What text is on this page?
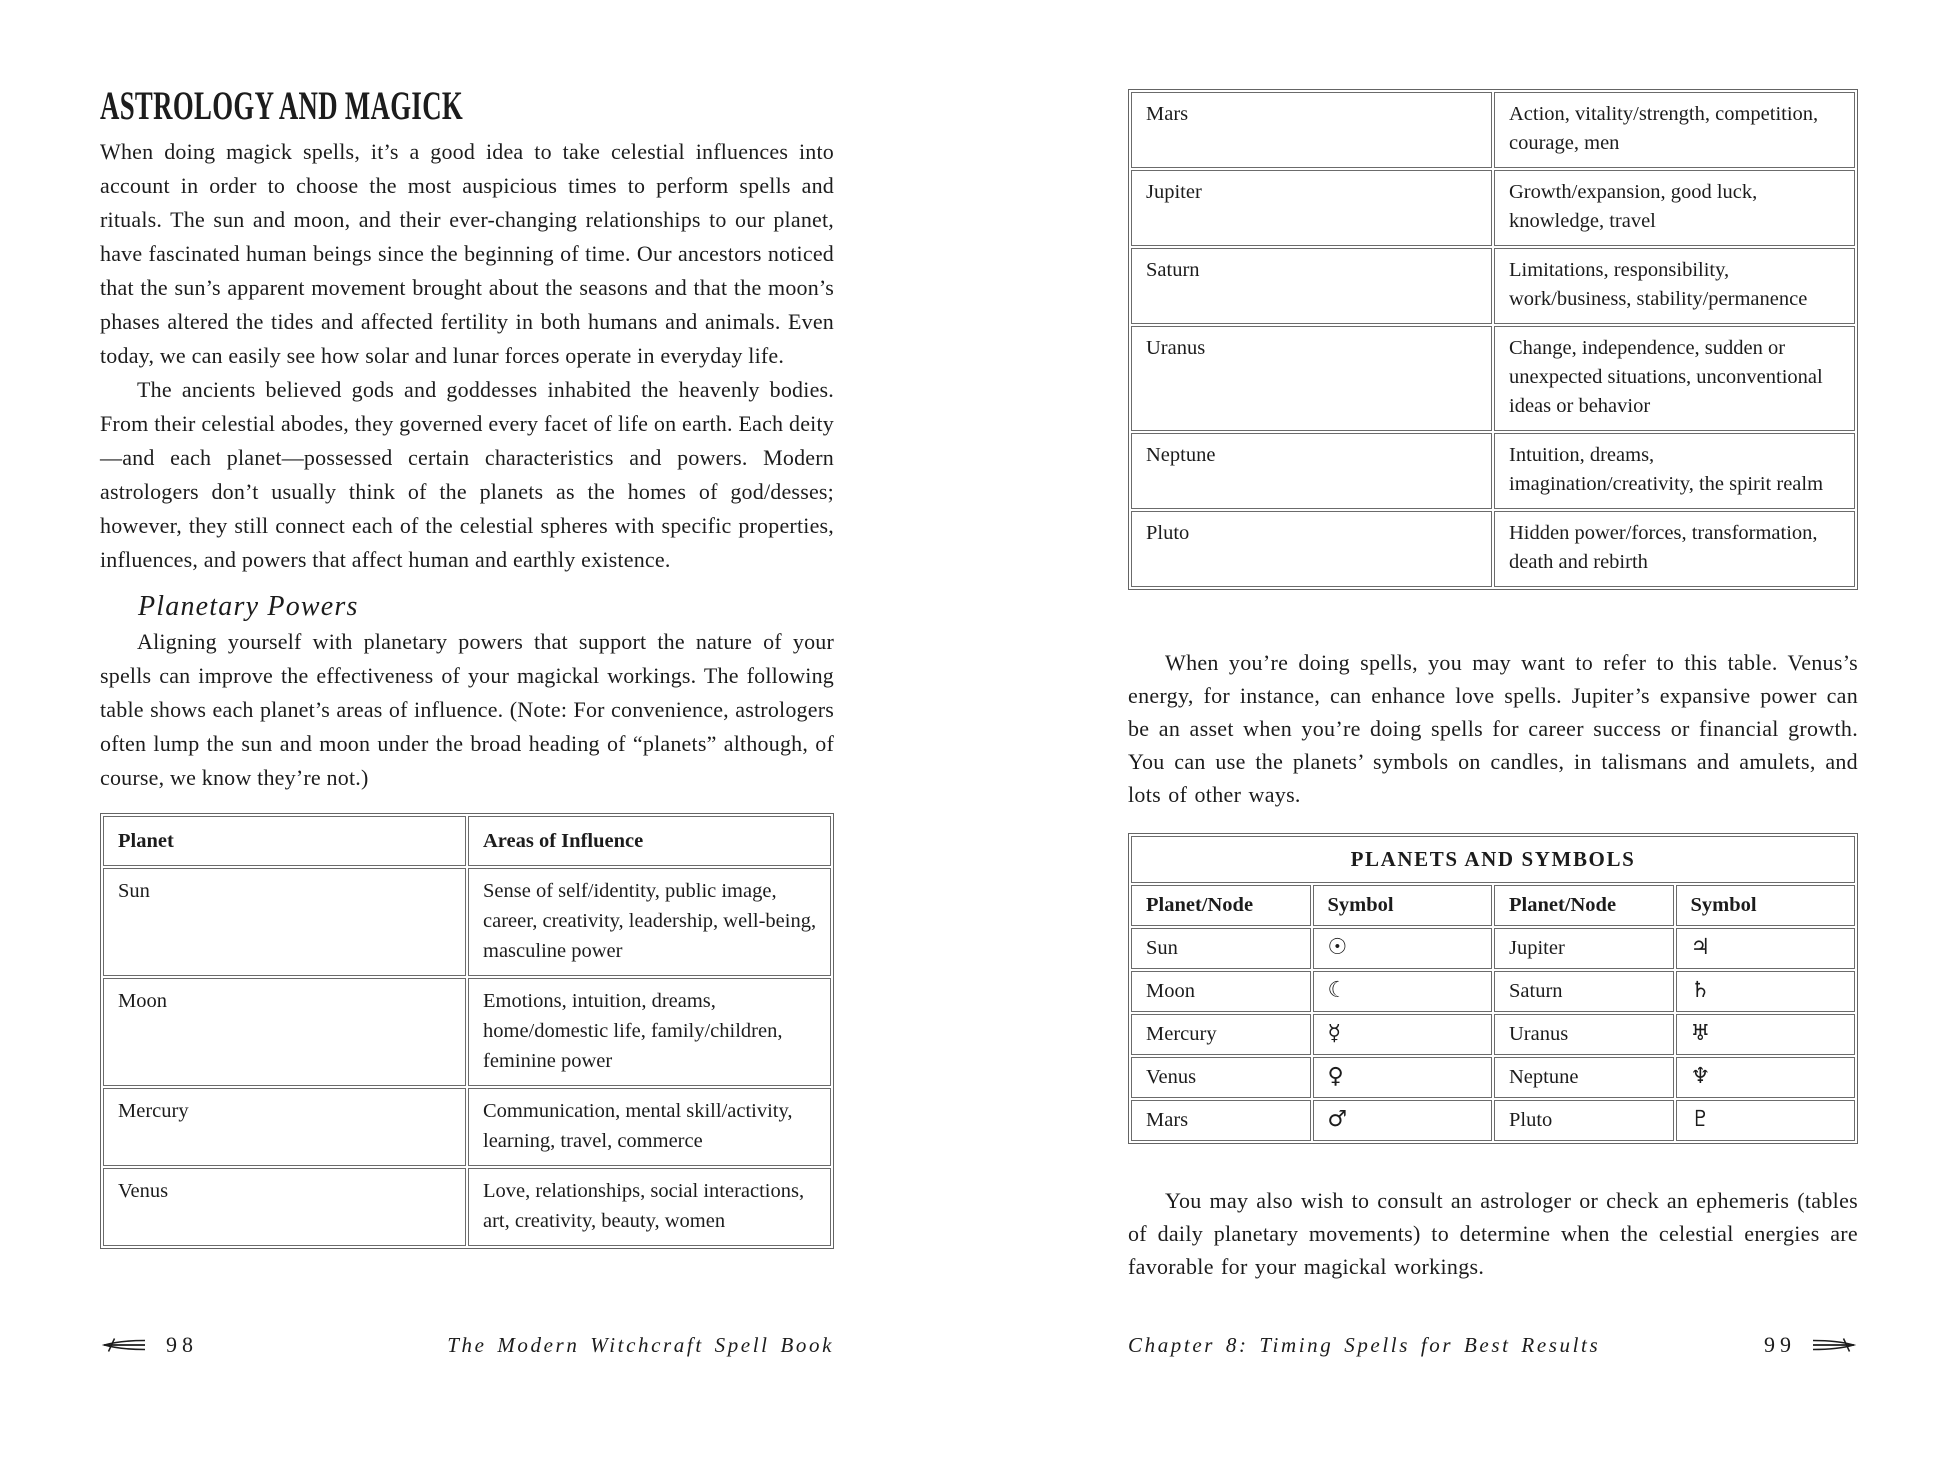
ASTROLOGY AND MAGICK

When doing magick spells, it’s a good idea to take celestial influences into account in order to choose the most auspicious times to perform spells and rituals. The sun and moon, and their ever-changing relationships to our planet, have fascinated human beings since the beginning of time. Our ancestors noticed that the sun’s apparent movement brought about the seasons and that the moon’s phases altered the tides and affected fertility in both humans and animals. Even today, we can easily see how solar and lunar forces operate in everyday life.

The ancients believed gods and goddesses inhabited the heavenly bodies. From their celestial abodes, they governed every facet of life on earth. Each deity—and each planet—possessed certain characteristics and powers. Modern astrologers don’t usually think of the planets as the homes of god/desses; however, they still connect each of the celestial spheres with specific properties, influences, and powers that affect human and earthly existence.

Planetary Powers

Aligning yourself with planetary powers that support the nature of your spells can improve the effectiveness of your magickal workings. The following table shows each planet’s areas of influence. (Note: For convenience, astrologers often lump the sun and moon under the broad heading of “planets” although, of course, we know they’re not.)

Planet	Areas of Influence
Sun	Sense of self/identity, public image, career, creativity, leadership, well-being, masculine power
Moon	Emotions, intuition, dreams, home/domestic life, family/children, feminine power
Mercury	Communication, mental skill/activity, learning, travel, commerce
Venus	Love, relationships, social interactions, art, creativity, beauty, women
98	The Modern Witchcraft Spell Book
Mars	Action, vitality/strength, competition, courage, men
Jupiter	Growth/expansion, good luck, knowledge, travel
Saturn	Limitations, responsibility, work/business, stability/permanence
Uranus	Change, independence, sudden or unexpected situations, unconventional ideas or behavior
Neptune	Intuition, dreams, imagination/creativity, the spirit realm
Pluto	Hidden power/forces, transformation, death and rebirth

When you’re doing spells, you may want to refer to this table. Venus’s energy, for instance, can enhance love spells. Jupiter’s expansive power can be an asset when you’re doing spells for career success or financial growth. You can use the planets’ symbols on candles, in talismans and amulets, and lots of other ways.

PLANETS AND SYMBOLS			
Planet/Node	Symbol	Planet/Node	Symbol
Sun	☉	Jupiter	♃
Moon	☾	Saturn	♄
Mercury	☿	Uranus	♅
Venus	♀	Neptune	♆
Mars	♂	Pluto	♇

You may also wish to consult an astrologer or check an ephemeris (tables of daily planetary movements) to determine when the celestial energies are favorable for your magickal workings.

Chapter 8: Timing Spells for Best Results	99
